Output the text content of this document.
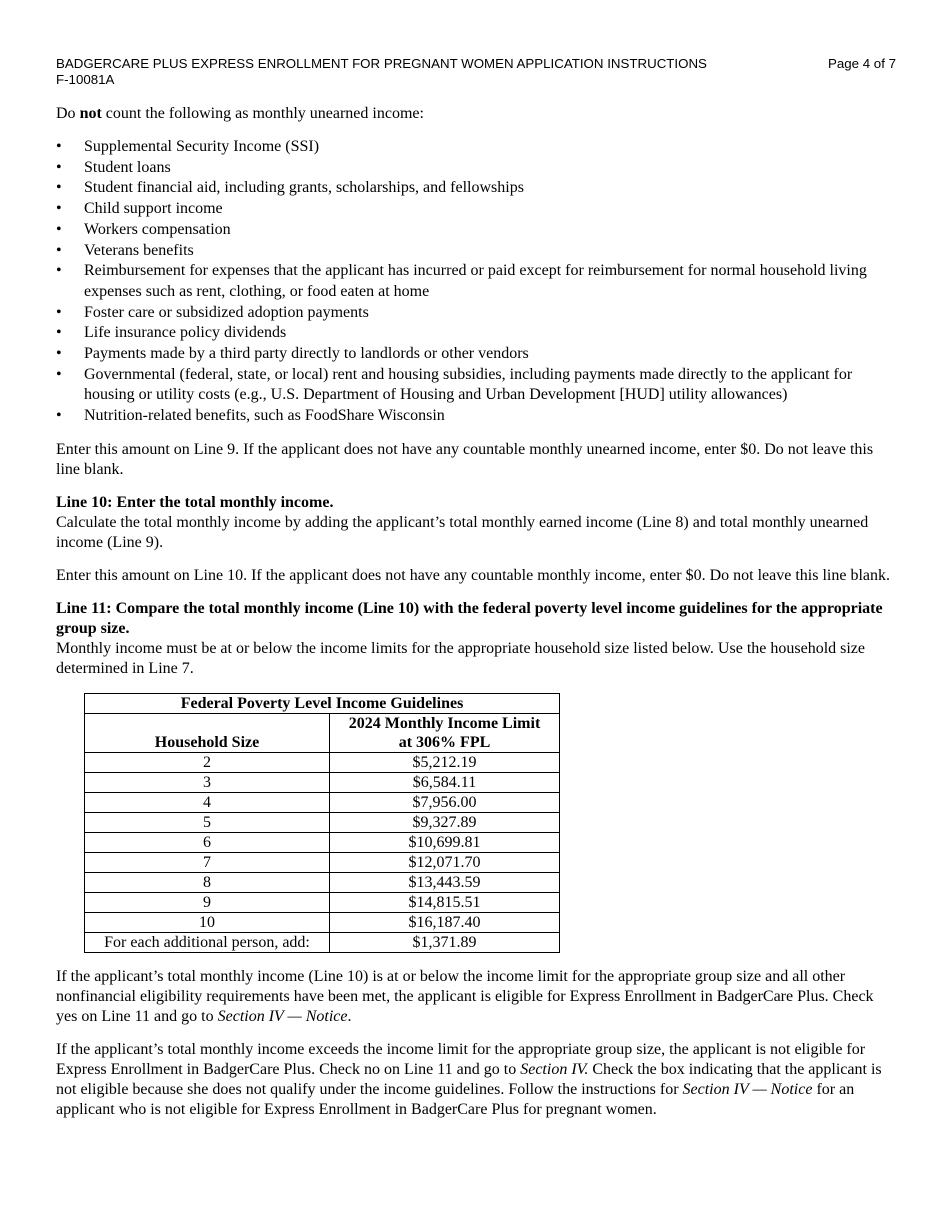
BADGERCARE PLUS EXPRESS ENROLLMENT FOR PREGNANT WOMEN APPLICATION INSTRUCTIONS
F-10081A
Page 4 of 7

Do not count the following as monthly unearned income:

• Supplemental Security Income (SSI)
• Student loans
• Student financial aid, including grants, scholarships, and fellowships
• Child support income
• Workers compensation
• Veterans benefits
• Reimbursement for expenses that the applicant has incurred or paid except for reimbursement for normal household living expenses such as rent, clothing, or food eaten at home
• Foster care or subsidized adoption payments
• Life insurance policy dividends
• Payments made by a third party directly to landlords or other vendors
• Governmental (federal, state, or local) rent and housing subsidies, including payments made directly to the applicant for housing or utility costs (e.g., U.S. Department of Housing and Urban Development [HUD] utility allowances)
• Nutrition-related benefits, such as FoodShare Wisconsin

Enter this amount on Line 9. If the applicant does not have any countable monthly unearned income, enter $0. Do not leave this line blank.

Line 10: Enter the total monthly income.
Calculate the total monthly income by adding the applicant’s total monthly earned income (Line 8) and total monthly unearned income (Line 9).

Enter this amount on Line 10. If the applicant does not have any countable monthly income, enter $0. Do not leave this line blank.

Line 11: Compare the total monthly income (Line 10) with the federal poverty level income guidelines for the appropriate group size.
Monthly income must be at or below the income limits for the appropriate household size listed below. Use the household size determined in Line 7.

Federal Poverty Level Income Guidelines	
Household Size	2024 Monthly Income Limit
at 306% FPL
2	$5,212.19
3	$6,584.11
4	$7,956.00
5	$9,327.89
6	$10,699.81
7	$12,071.70
8	$13,443.59
9	$14,815.51
10	$16,187.40
For each additional person, add:	$1,371.89

If the applicant’s total monthly income (Line 10) is at or below the income limit for the appropriate group size and all other nonfinancial eligibility requirements have been met, the applicant is eligible for Express Enrollment in BadgerCare Plus. Check yes on Line 11 and go to Section IV — Notice.

If the applicant’s total monthly income exceeds the income limit for the appropriate group size, the applicant is not eligible for Express Enrollment in BadgerCare Plus. Check no on Line 11 and go to Section IV. Check the box indicating that the applicant is not eligible because she does not qualify under the income guidelines. Follow the instructions for Section IV — Notice for an applicant who is not eligible for Express Enrollment in BadgerCare Plus for pregnant women.
